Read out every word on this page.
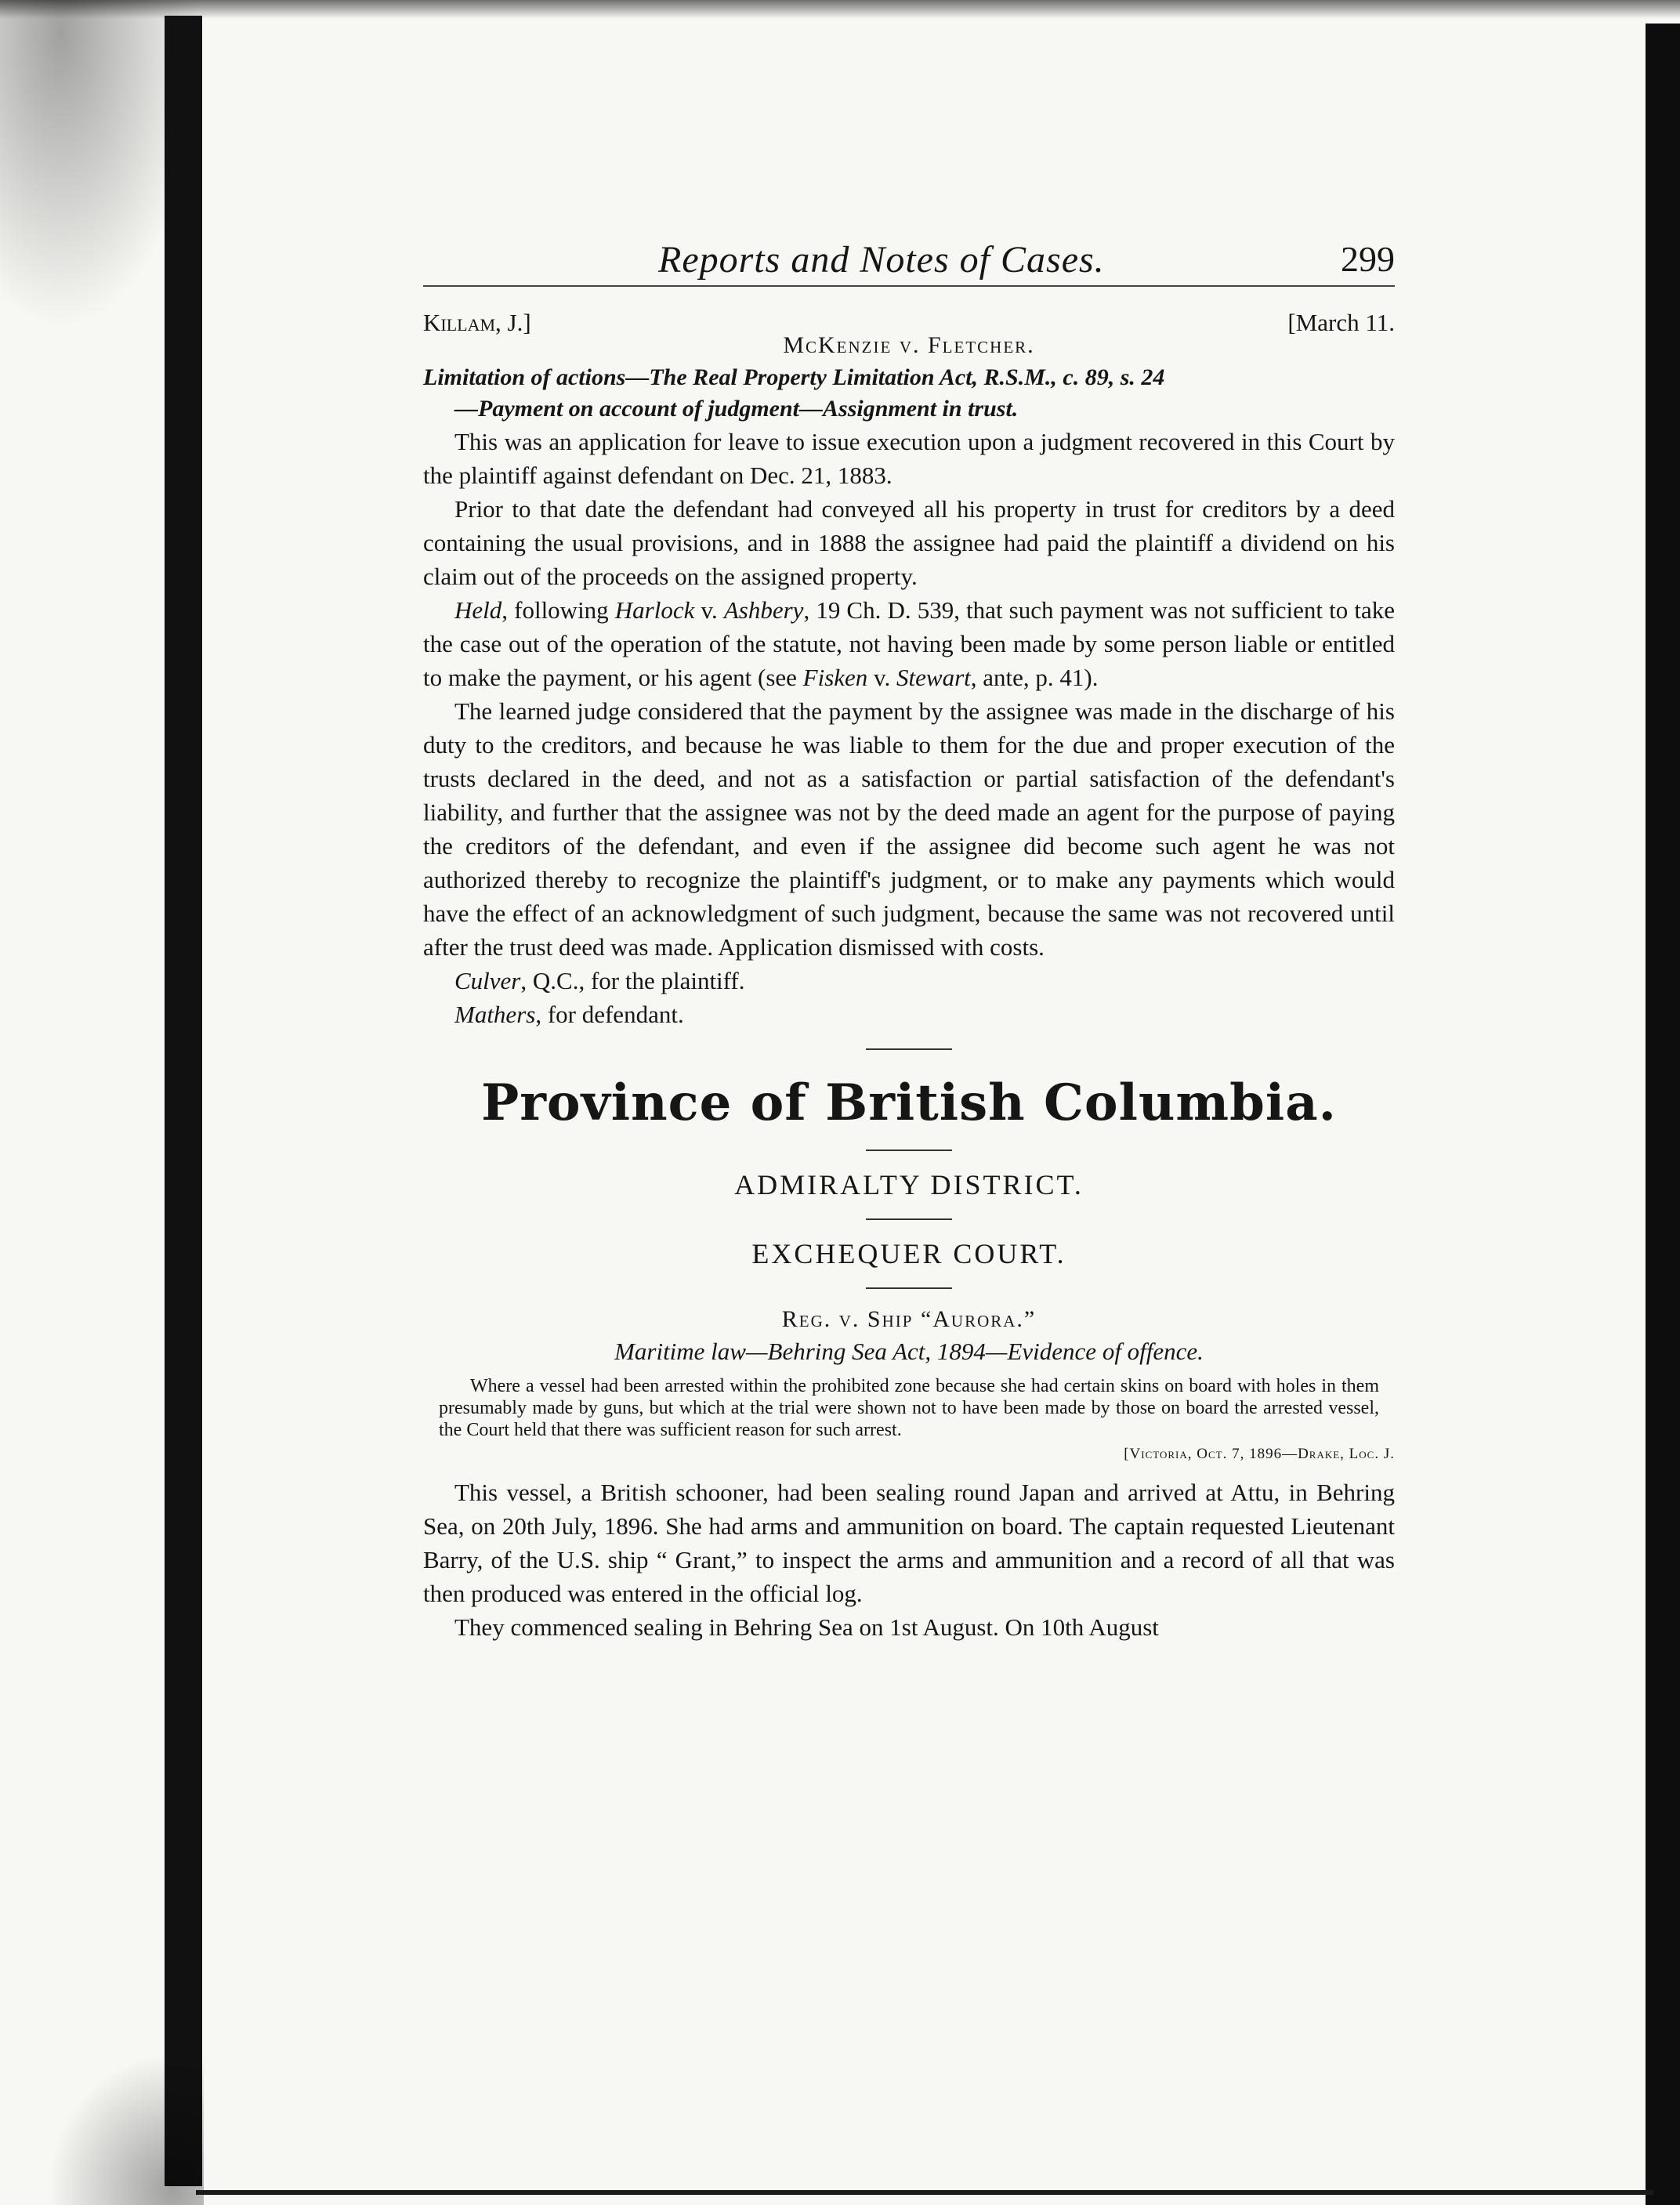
Reports and Notes of Cases.	299
Killam, J.]	[March 11.
McKenzie v. Fletcher.
Limitation of actions—The Real Property Limitation Act, R.S.M., c. 89, s. 24
—Payment on account of judgment—Assignment in trust.

This was an application for leave to issue execution upon a judgment recovered in this Court by the plaintiff against defendant on Dec. 21, 1883.

Prior to that date the defendant had conveyed all his property in trust for creditors by a deed containing the usual provisions, and in 1888 the assignee had paid the plaintiff a dividend on his claim out of the proceeds on the assigned property.

Held, following Harlock v. Ashbery, 19 Ch. D. 539, that such payment was not sufficient to take the case out of the operation of the statute, not having been made by some person liable or entitled to make the payment, or his agent (see Fisken v. Stewart, ante, p. 41).

The learned judge considered that the payment by the assignee was made in the discharge of his duty to the creditors, and because he was liable to them for the due and proper execution of the trusts declared in the deed, and not as a satisfaction or partial satisfaction of the defendant's liability, and further that the assignee was not by the deed made an agent for the purpose of paying the creditors of the defendant, and even if the assignee did become such agent he was not authorized thereby to recognize the plaintiff's judgment, or to make any payments which would have the effect of an acknowledgment of such judgment, because the same was not recovered until after the trust deed was made. Application dismissed with costs.

Culver, Q.C., for the plaintiff.

Mathers, for defendant.

Province of British Columbia.
ADMIRALTY DISTRICT.
EXCHEQUER COURT.
Reg. v. Ship “Aurora.”
Maritime law—Behring Sea Act, 1894—Evidence of offence.
Where a vessel had been arrested within the prohibited zone because she had certain skins on board with holes in them presumably made by guns, but which at the trial were shown not to have been made by those on board the arrested vessel, the Court held that there was sufficient reason for such arrest.
[Victoria, Oct. 7, 1896—Drake, Loc. J.

This vessel, a British schooner, had been sealing round Japan and arrived at Attu, in Behring Sea, on 20th July, 1896. She had arms and ammunition on board. The captain requested Lieutenant Barry, of the U.S. ship “ Grant,” to inspect the arms and ammunition and a record of all that was then produced was entered in the official log.

They commenced sealing in Behring Sea on 1st August. On 10th August
